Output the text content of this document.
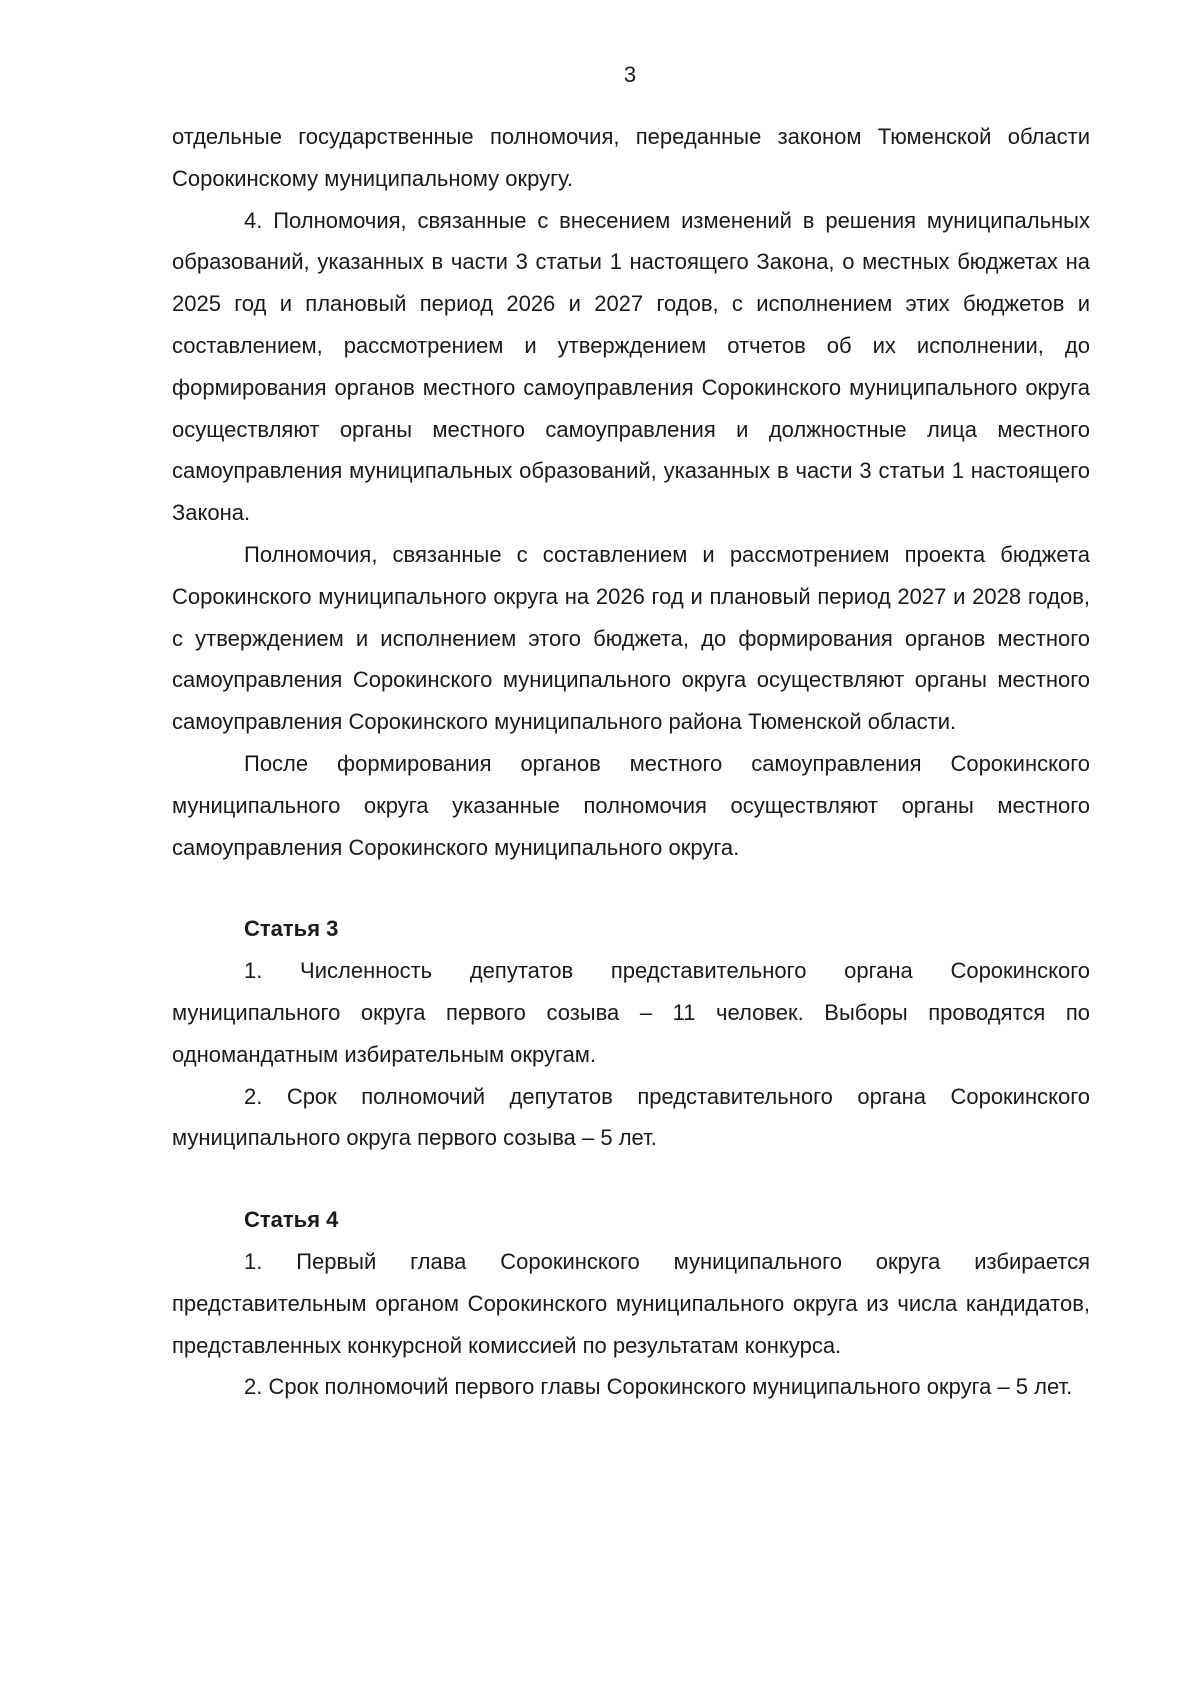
3

отдельные государственные полномочия, переданные законом Тюменской области Сорокинскому муниципальному округу.

4. Полномочия, связанные с внесением изменений в решения муниципальных образований, указанных в части 3 статьи 1 настоящего Закона, о местных бюджетах на 2025 год и плановый период 2026 и 2027 годов, с исполнением этих бюджетов и составлением, рассмотрением и утверждением отчетов об их исполнении, до формирования органов местного самоуправления Сорокинского муниципального округа осуществляют органы местного самоуправления и должностные лица местного самоуправления муниципальных образований, указанных в части 3 статьи 1 настоящего Закона.

Полномочия, связанные с составлением и рассмотрением проекта бюджета Сорокинского муниципального округа на 2026 год и плановый период 2027 и 2028 годов, с утверждением и исполнением этого бюджета, до формирования органов местного самоуправления Сорокинского муниципального округа осуществляют органы местного самоуправления Сорокинского муниципального района Тюменской области.

После формирования органов местного самоуправления Сорокинского муниципального округа указанные полномочия осуществляют органы местного самоуправления Сорокинского муниципального округа.

Статья 3

1. Численность депутатов представительного органа Сорокинского муниципального округа первого созыва – 11 человек. Выборы проводятся по одномандатным избирательным округам.

2. Срок полномочий депутатов представительного органа Сорокинского муниципального округа первого созыва – 5 лет.

Статья 4

1. Первый глава Сорокинского муниципального округа избирается представительным органом Сорокинского муниципального округа из числа кандидатов, представленных конкурсной комиссией по результатам конкурса.

2. Срок полномочий первого главы Сорокинского муниципального округа – 5 лет.
